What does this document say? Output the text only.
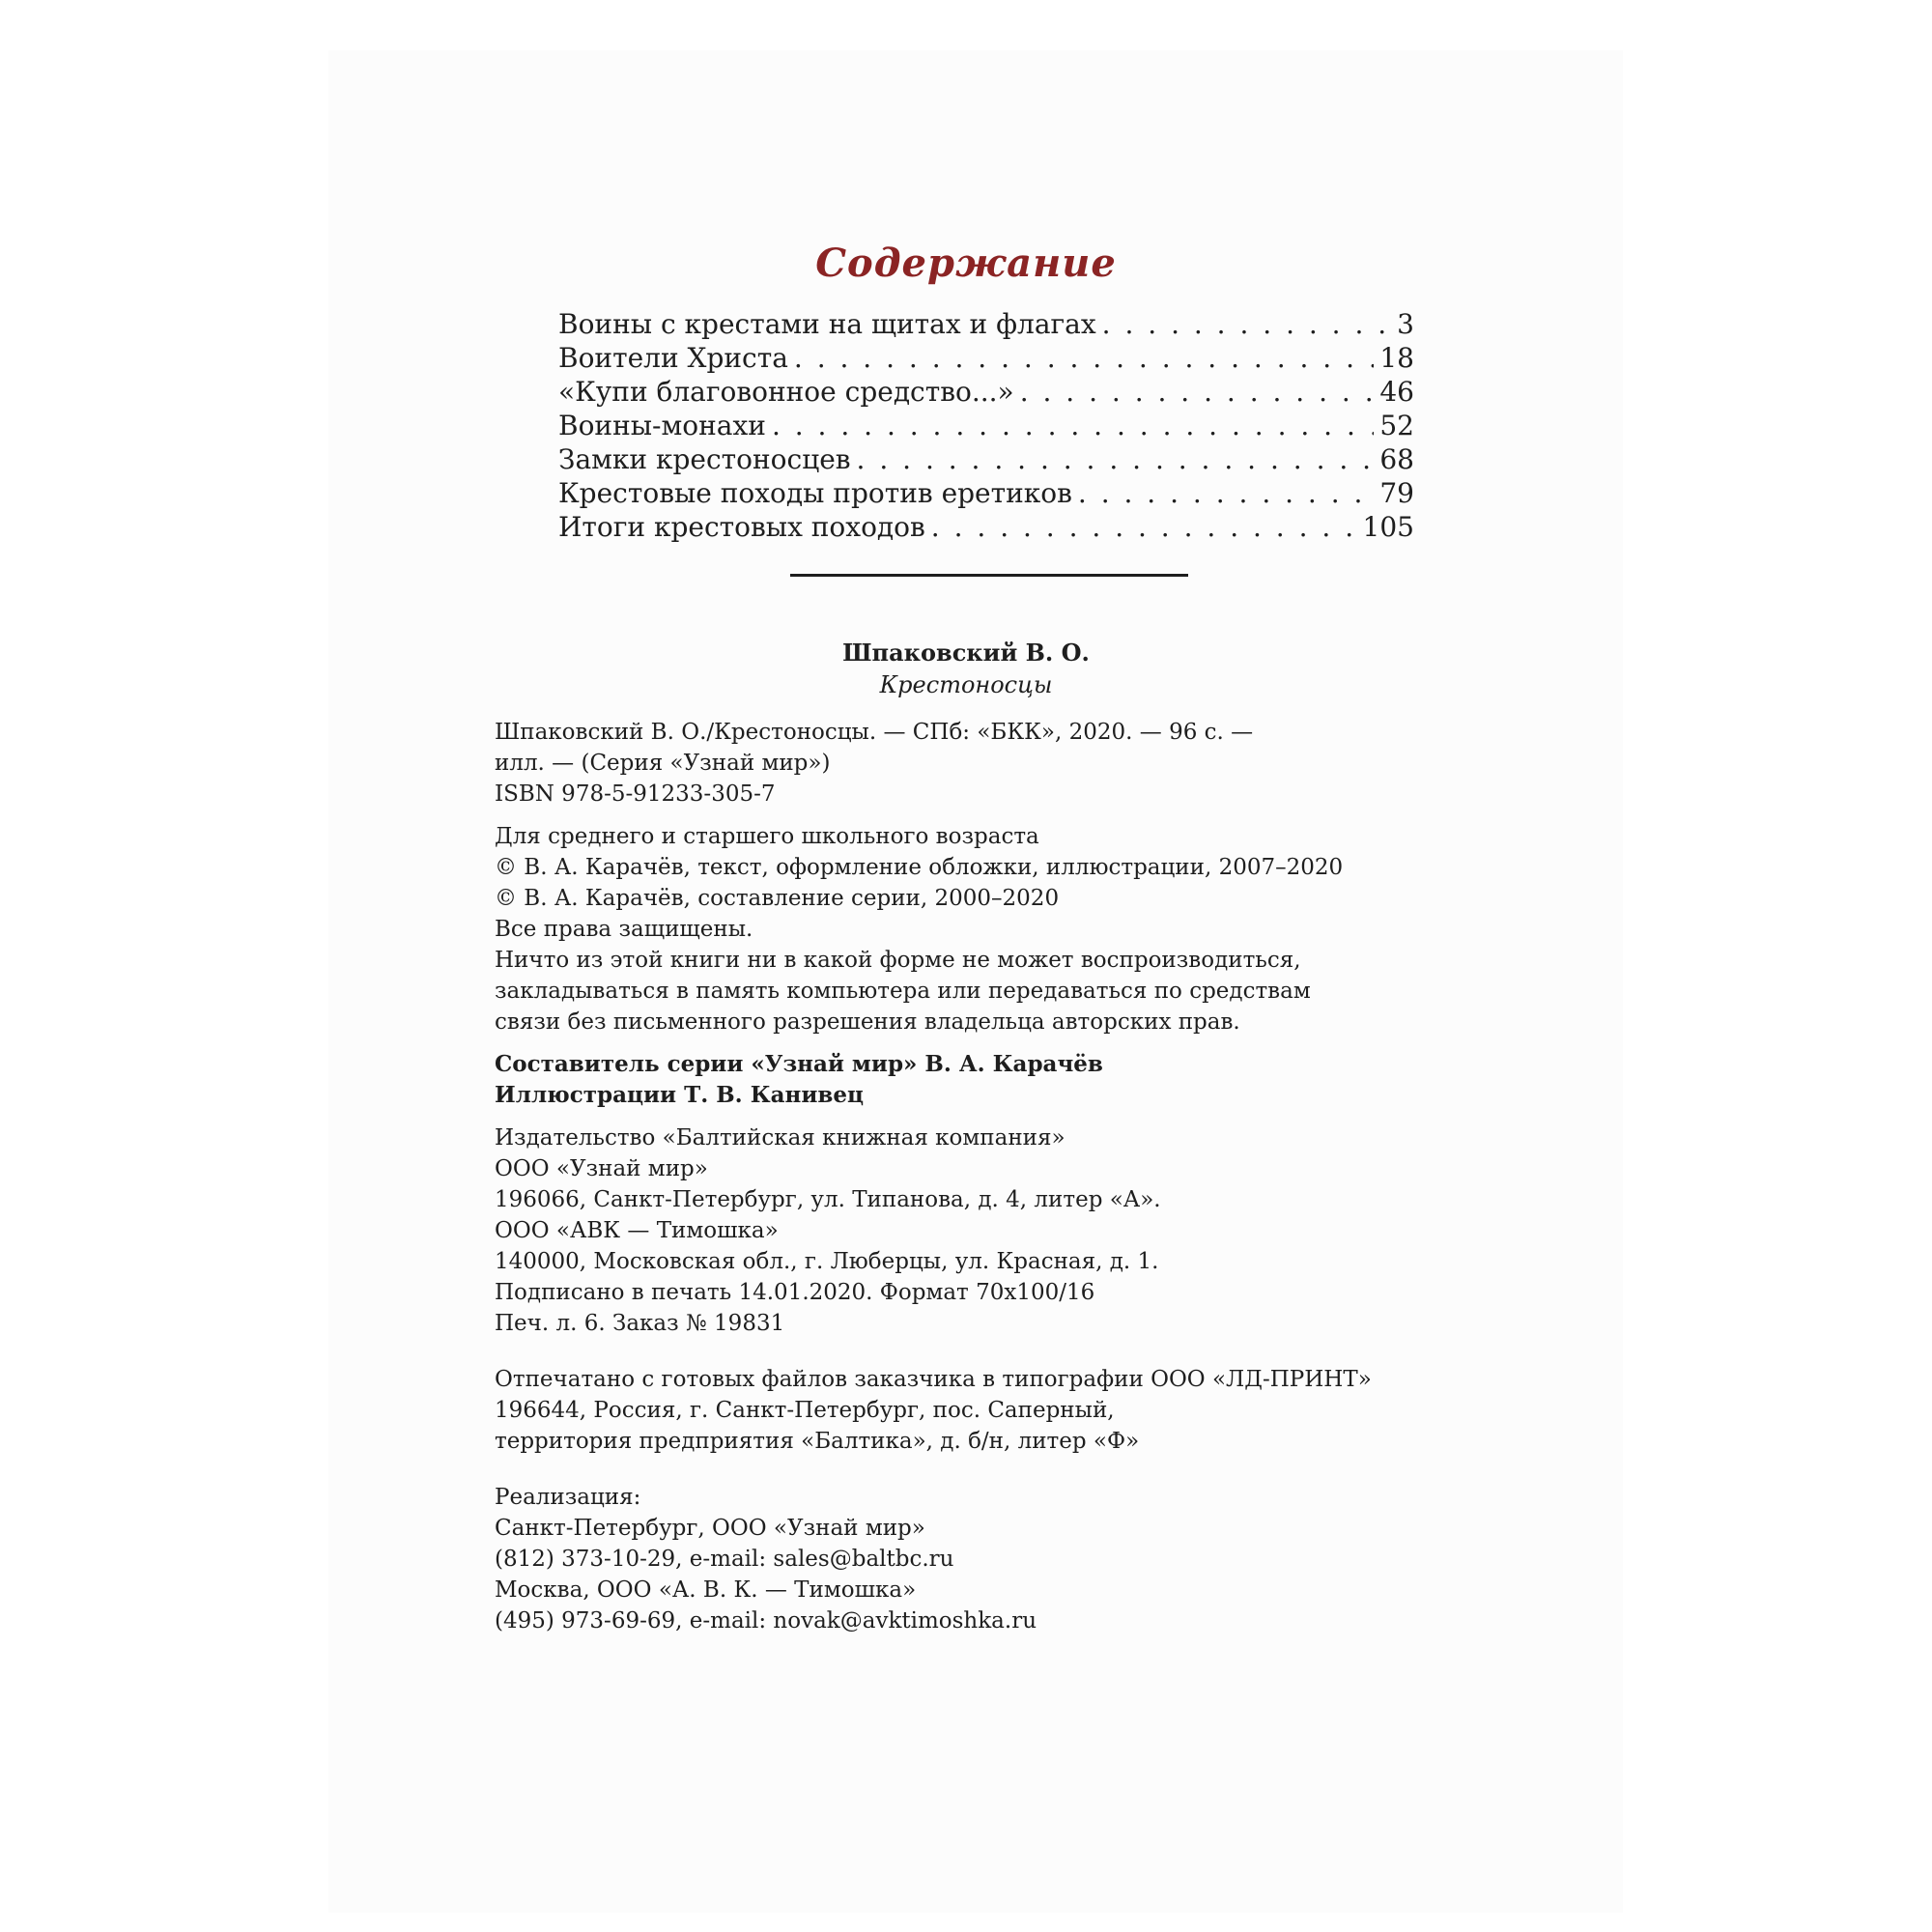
Содержание
Воины с крестами на щитах и флагах . . .	3
Воители Христа . . .	18
«Купи благовонное средство...» . . .	46
Воины-монахи . . .	52
Замки крестоносцев . . .	68
Крестовые походы против еретиков . . .	79
Итоги крестовых походов . . .	105
Шпаковский В. О.
Крестоносцы
Шпаковский В. О./Крестоносцы. — СПб: «БКК», 2020. — 96 с. —
илл. — (Серия «Узнай мир»)
ISBN 978-5-91233-305-7
Для среднего и старшего школьного возраста
© В. А. Карачёв, текст, оформление обложки, иллюстрации, 2007–2020
© В. А. Карачёв, составление серии, 2000–2020
Все права защищены.
Ничто из этой книги ни в какой форме не может воспроизводиться,
закладываться в память компьютера или передаваться по средствам
связи без письменного разрешения владельца авторских прав.
Составитель серии «Узнай мир» В. А. Карачёв
Иллюстрации Т. В. Канивец
Издательство «Балтийская книжная компания»
ООО «Узнай мир»
196066, Санкт-Петербург, ул. Типанова, д. 4, литер «А».
ООО «АВК — Тимошка»
140000, Московская обл., г. Люберцы, ул. Красная, д. 1.
Подписано в печать 14.01.2020. Формат 70x100/16
Печ. л. 6. Заказ № 19831
Отпечатано с готовых файлов заказчика в типографии ООО «ЛД-ПРИНТ»
196644, Россия, г. Санкт-Петербург, пос. Саперный,
территория предприятия «Балтика», д. б/н, литер «Ф»
Реализация:
Санкт-Петербург, ООО «Узнай мир»
(812) 373-10-29, e-mail: sales@baltbc.ru
Москва, ООО «А. В. К. — Тимошка»
(495) 973-69-69, e-mail: novak@avktimoshka.ru
